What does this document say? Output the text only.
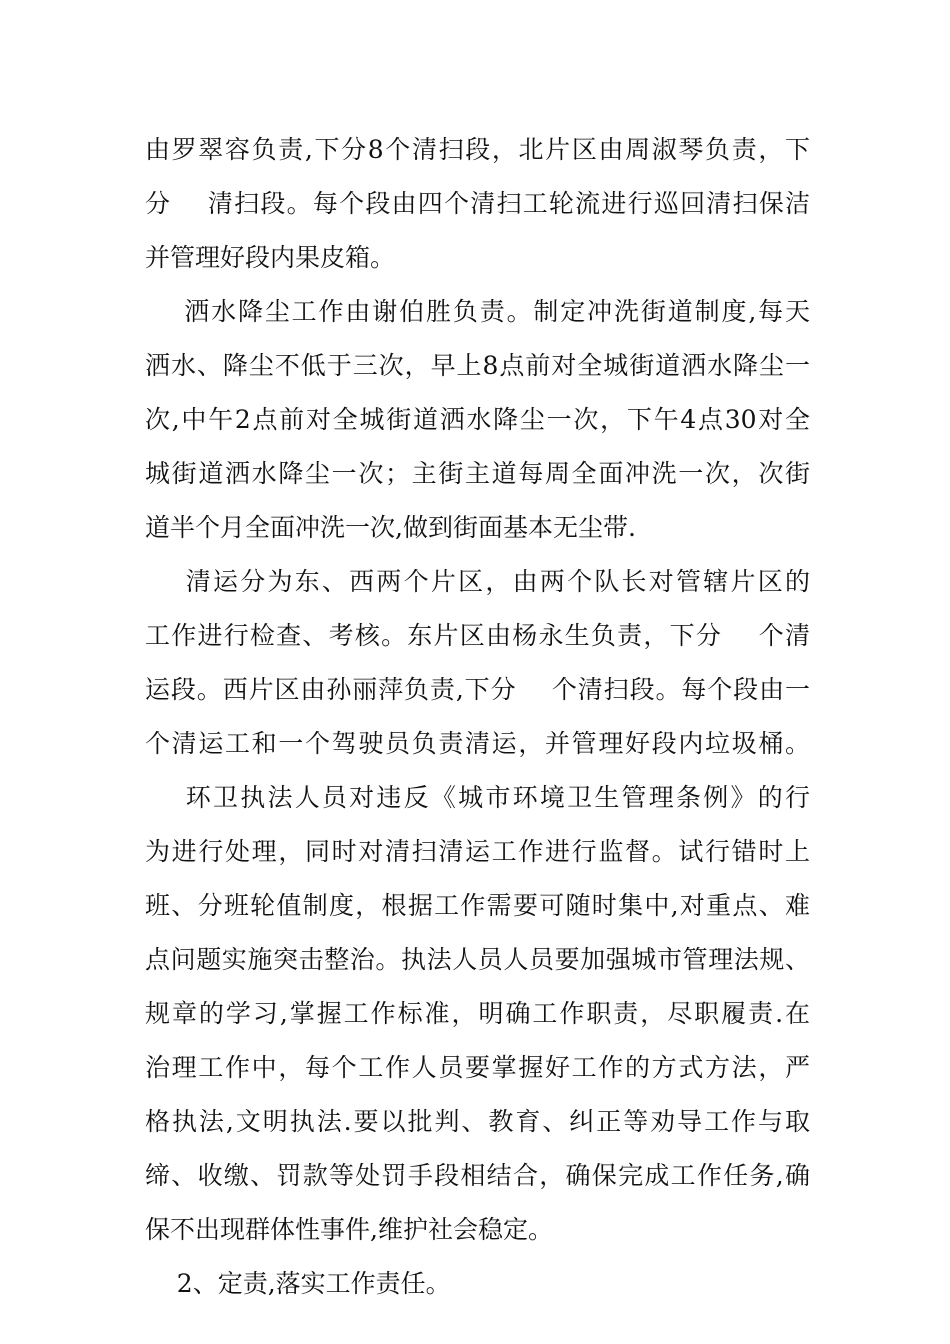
由罗翠容负责,下分8个清扫段，北片区由周淑琴负责，下
分    清扫段。每个段由四个清扫工轮流进行巡回清扫保洁
并管理好段内果皮箱。
洒水降尘工作由谢伯胜负责。制定冲洗街道制度,每天
洒水、降尘不低于三次，早上8点前对全城街道洒水降尘一
次,中午2点前对全城街道洒水降尘一次，下午4点30对全
城街道洒水降尘一次；主街主道每周全面冲洗一次，次街
道半个月全面冲洗一次,做到街面基本无尘带.
清运分为东、西两个片区，由两个队长对管辖片区的
工作进行检查、考核。东片区由杨永生负责，下分    个清
运段。西片区由孙丽萍负责,下分    个清扫段。每个段由一
个清运工和一个驾驶员负责清运，并管理好段内垃圾桶。
环卫执法人员对违反《城市环境卫生管理条例》的行
为进行处理，同时对清扫清运工作进行监督。试行错时上
班、分班轮值制度，根据工作需要可随时集中,对重点、难
点问题实施突击整治。执法人员人员要加强城市管理法规、
规章的学习,掌握工作标准，明确工作职责，尽职履责.在
治理工作中，每个工作人员要掌握好工作的方式方法，严
格执法,文明执法.要以批判、教育、纠正等劝导工作与取
缔、收缴、罚款等处罚手段相结合，确保完成工作任务,确
保不出现群体性事件,维护社会稳定。
2、定责,落实工作责任。
